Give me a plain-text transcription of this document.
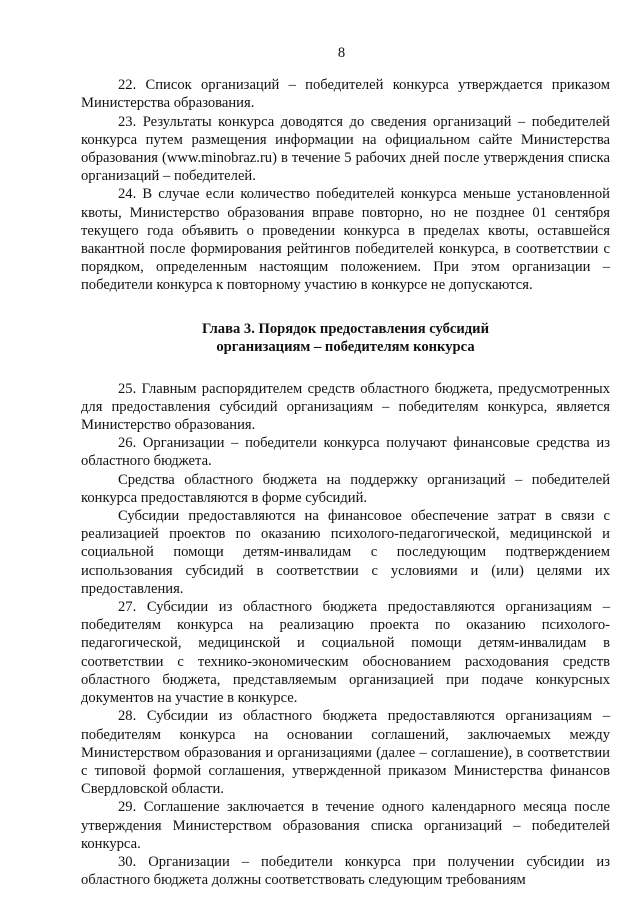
8

22. Список организаций – победителей конкурса утверждается приказом Министерства образования.

23. Результаты конкурса доводятся до сведения организаций – победителей конкурса путем размещения информации на официальном сайте Министерства образования (www.minobraz.ru) в течение 5 рабочих дней после утверждения списка организаций – победителей.

24. В случае если количество победителей конкурса меньше установленной квоты, Министерство образования вправе повторно, но не позднее 01 сентября текущего года объявить о проведении конкурса в пределах квоты, оставшейся вакантной после формирования рейтингов победителей конкурса, в соответствии с порядком, определенным настоящим положением. При этом организации – победители конкурса к повторному участию в конкурсе не допускаются.

Глава 3. Порядок предоставления субсидий
организациям – победителям конкурса

25. Главным распорядителем средств областного бюджета, предусмотренных для предоставления субсидий организациям – победителям конкурса, является Министерство образования.

26. Организации – победители конкурса получают финансовые средства из областного бюджета.

Средства областного бюджета на поддержку организаций – победителей конкурса предоставляются в форме субсидий.

Субсидии предоставляются на финансовое обеспечение затрат в связи с реализацией проектов по оказанию психолого-педагогической, медицинской и социальной помощи детям-инвалидам с последующим подтверждением использования субсидий в соответствии с условиями и (или) целями их предоставления.

27. Субсидии из областного бюджета предоставляются организациям – победителям конкурса на реализацию проекта по оказанию психолого-педагогической, медицинской и социальной помощи детям-инвалидам в соответствии с технико-экономическим обоснованием расходования средств областного бюджета, представляемым организацией при подаче конкурсных документов на участие в конкурсе.

28. Субсидии из областного бюджета предоставляются организациям – победителям конкурса на основании соглашений, заключаемых между Министерством образования и организациями (далее – соглашение), в соответствии с типовой формой соглашения, утвержденной приказом Министерства финансов Свердловской области.

29. Соглашение заключается в течение одного календарного месяца после утверждения Министерством образования списка организаций – победителей конкурса.

30. Организации – победители конкурса при получении субсидии из областного бюджета должны соответствовать следующим требованиям
